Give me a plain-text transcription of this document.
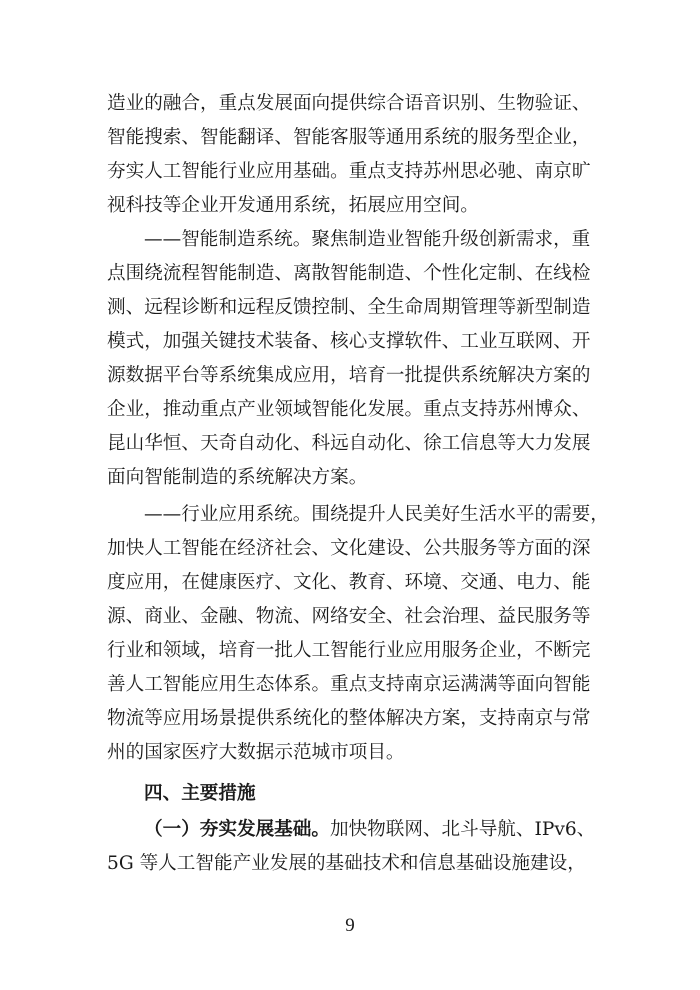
造业的融合，重点发展面向提供综合语音识别、生物验证、
智能搜索、智能翻译、智能客服等通用系统的服务型企业，
夯实人工智能行业应用基础。重点支持苏州思必驰、南京旷
视科技等企业开发通用系统，拓展应用空间。
——智能制造系统。聚焦制造业智能升级创新需求，重
点围绕流程智能制造、离散智能制造、个性化定制、在线检
测、远程诊断和远程反馈控制、全生命周期管理等新型制造
模式，加强关键技术装备、核心支撑软件、工业互联网、开
源数据平台等系统集成应用，培育一批提供系统解决方案的
企业，推动重点产业领域智能化发展。重点支持苏州博众、
昆山华恒、天奇自动化、科远自动化、徐工信息等大力发展
面向智能制造的系统解决方案。
——行业应用系统。围绕提升人民美好生活水平的需要，
加快人工智能在经济社会、文化建设、公共服务等方面的深
度应用，在健康医疗、文化、教育、环境、交通、电力、能
源、商业、金融、物流、网络安全、社会治理、益民服务等
行业和领域，培育一批人工智能行业应用服务企业，不断完
善人工智能应用生态体系。重点支持南京运满满等面向智能
物流等应用场景提供系统化的整体解决方案，支持南京与常
州的国家医疗大数据示范城市项目。
四、主要措施
（一）夯实发展基础。加快物联网、北斗导航、IPv6、
5G 等人工智能产业发展的基础技术和信息基础设施建设，
9
